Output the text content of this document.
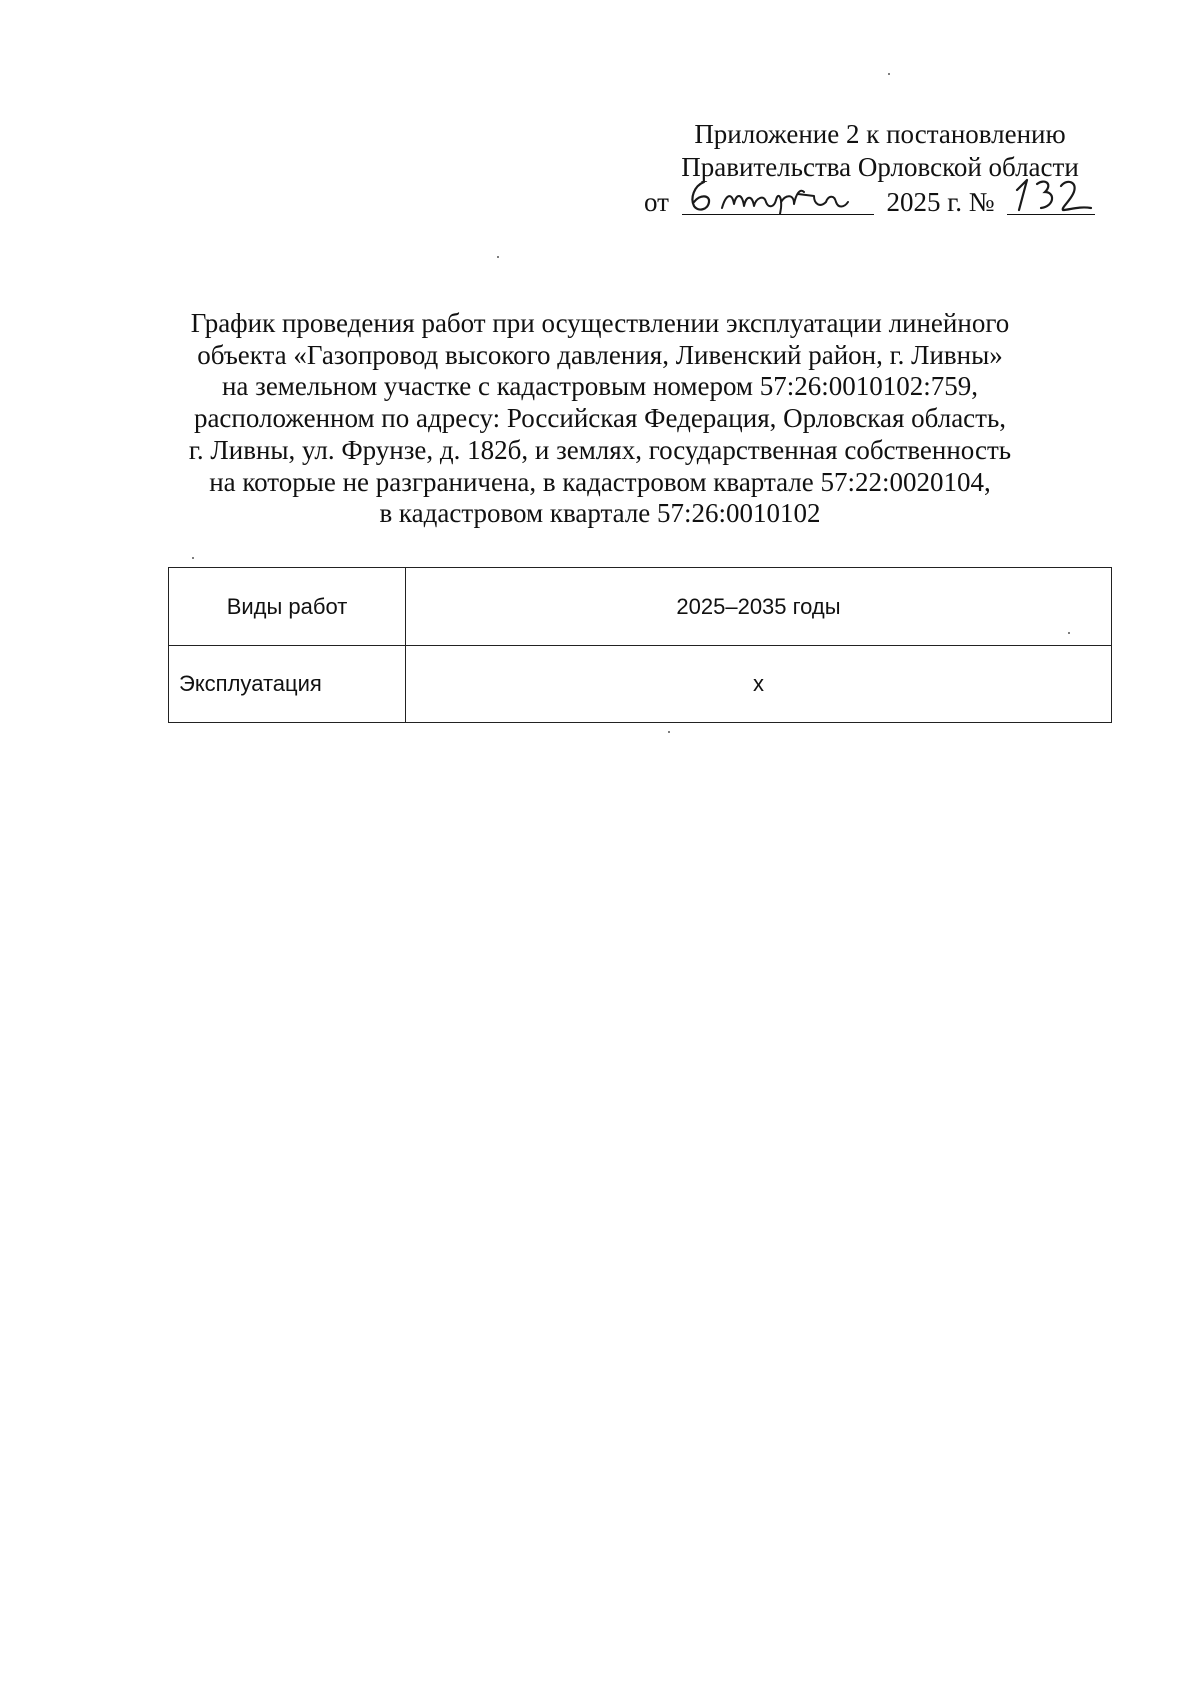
Приложение 2 к постановлению
Правительства Орловской области
от	2025 г. №
График проведения работ при осуществлении эксплуатации линейного
объекта «Газопровод высокого давления, Ливенский район, г. Ливны»
на земельном участке с кадастровым номером 57:26:0010102:759,
расположенном по адресу: Российская Федерация, Орловская область,
г. Ливны, ул. Фрунзе, д. 182б, и землях, государственная собственность
на которые не разграничена, в кадастровом квартале 57:22:0020104,
в кадастровом квартале 57:26:0010102
Виды работ	2025–2035 годы
Эксплуатация	х
